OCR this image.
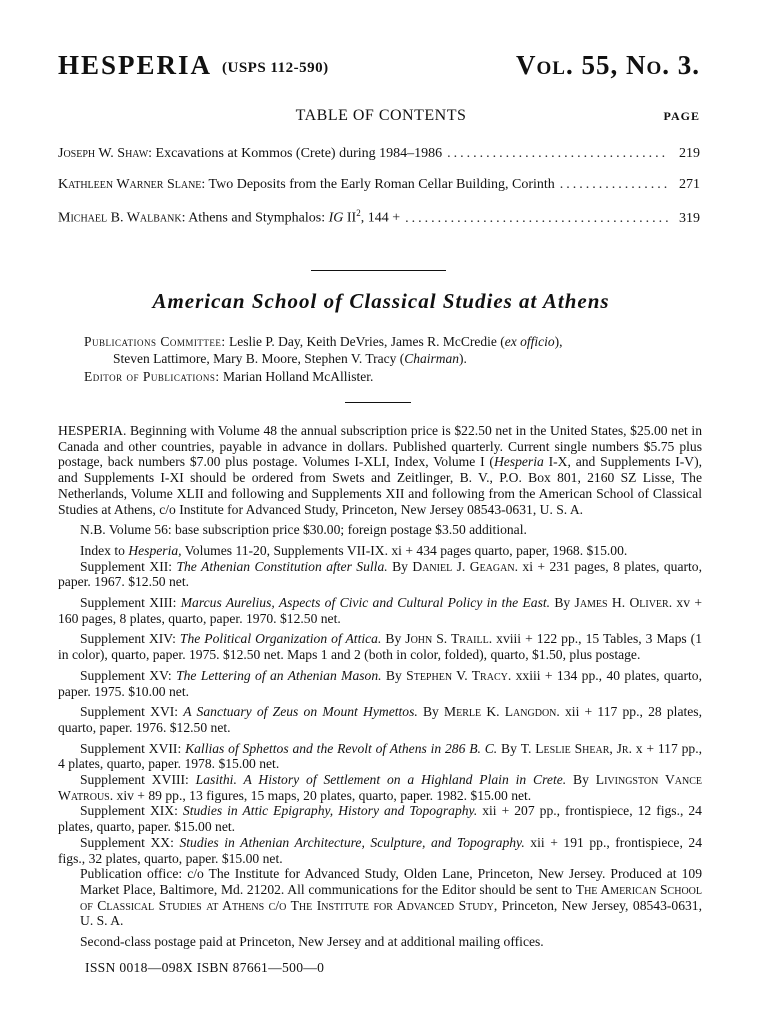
HESPERIA (USPS 112-590)	Vol. 55, No. 3.
TABLE OF CONTENTS	PAGE
Joseph W. Shaw: Excavations at Kommos (Crete) during 1984–1986 .....	219
Kathleen Warner Slane: Two Deposits from the Early Roman Cellar Building, Corinth .....	271
Michael B. Walbank: Athens and Stymphalos: IG $II^2$, 144 + .....	319
American School of Classical Studies at Athens
Publications Committee: Leslie P. Day, Keith DeVries, James R. McCredie (ex officio),
Steven Lattimore, Mary B. Moore, Stephen V. Tracy (Chairman).
Editor of Publications: Marian Holland McAllister.

HESPERIA. Beginning with Volume 48 the annual subscription price is $22.50 net in the United States, $25.00 net in Canada and other countries, payable in advance in dollars. Published quarterly. Current single numbers $5.75 plus postage, back numbers $7.00 plus postage. Volumes I-XLI, Index, Volume I (Hesperia I-X, and Supplements I-V), and Supplements I-XI should be ordered from Swets and Zeitlinger, B. V., P.O. Box 801, 2160 SZ Lisse, The Netherlands, Volume XLII and following and Supplements XII and following from the American School of Classical Studies at Athens, c/o Institute for Advanced Study, Princeton, New Jersey 08543-0631, U. S. A.

N.B. Volume 56: base subscription price $30.00; foreign postage $3.50 additional.

Index to Hesperia, Volumes 11-20, Supplements VII-IX. xi + 434 pages quarto, paper, 1968. $15.00.

Supplement XII: The Athenian Constitution after Sulla. By Daniel J. Geagan. xi + 231 pages, 8 plates, quarto, paper. 1967. $12.50 net.

Supplement XIII: Marcus Aurelius, Aspects of Civic and Cultural Policy in the East. By James H. Oliver. xv + 160 pages, 8 plates, quarto, paper. 1970. $12.50 net.

Supplement XIV: The Political Organization of Attica. By John S. Traill. xviii + 122 pp., 15 Tables, 3 Maps (1 in color), quarto, paper. 1975. $12.50 net. Maps 1 and 2 (both in color, folded), quarto, $1.50, plus postage.

Supplement XV: The Lettering of an Athenian Mason. By Stephen V. Tracy. xxiii + 134 pp., 40 plates, quarto, paper. 1975. $10.00 net.

Supplement XVI: A Sanctuary of Zeus on Mount Hymettos. By Merle K. Langdon. xii + 117 pp., 28 plates, quarto, paper. 1976. $12.50 net.

Supplement XVII: Kallias of Sphettos and the Revolt of Athens in 286 B. C. By T. Leslie Shear, Jr. x + 117 pp., 4 plates, quarto, paper. 1978. $15.00 net.

Supplement XVIII: Lasithi. A History of Settlement on a Highland Plain in Crete. By Livingston Vance Watrous. xiv + 89 pp., 13 figures, 15 maps, 20 plates, quarto, paper. 1982. $15.00 net.

Supplement XIX: Studies in Attic Epigraphy, History and Topography. xii + 207 pp., frontispiece, 12 figs., 24 plates, quarto, paper. $15.00 net.

Supplement XX: Studies in Athenian Architecture, Sculpture, and Topography. xii + 191 pp., frontispiece, 24 figs., 32 plates, quarto, paper. $15.00 net.

Publication office: c/o The Institute for Advanced Study, Olden Lane, Princeton, New Jersey. Produced at 109 Market Place, Baltimore, Md. 21202. All communications for the Editor should be sent to The American School of Classical Studies at Athens c/o The Institute for Advanced Study, Princeton, New Jersey, 08543-0631, U. S. A.

Second-class postage paid at Princeton, New Jersey and at additional mailing offices.

ISSN 0018—098X ISBN 87661—500—0
